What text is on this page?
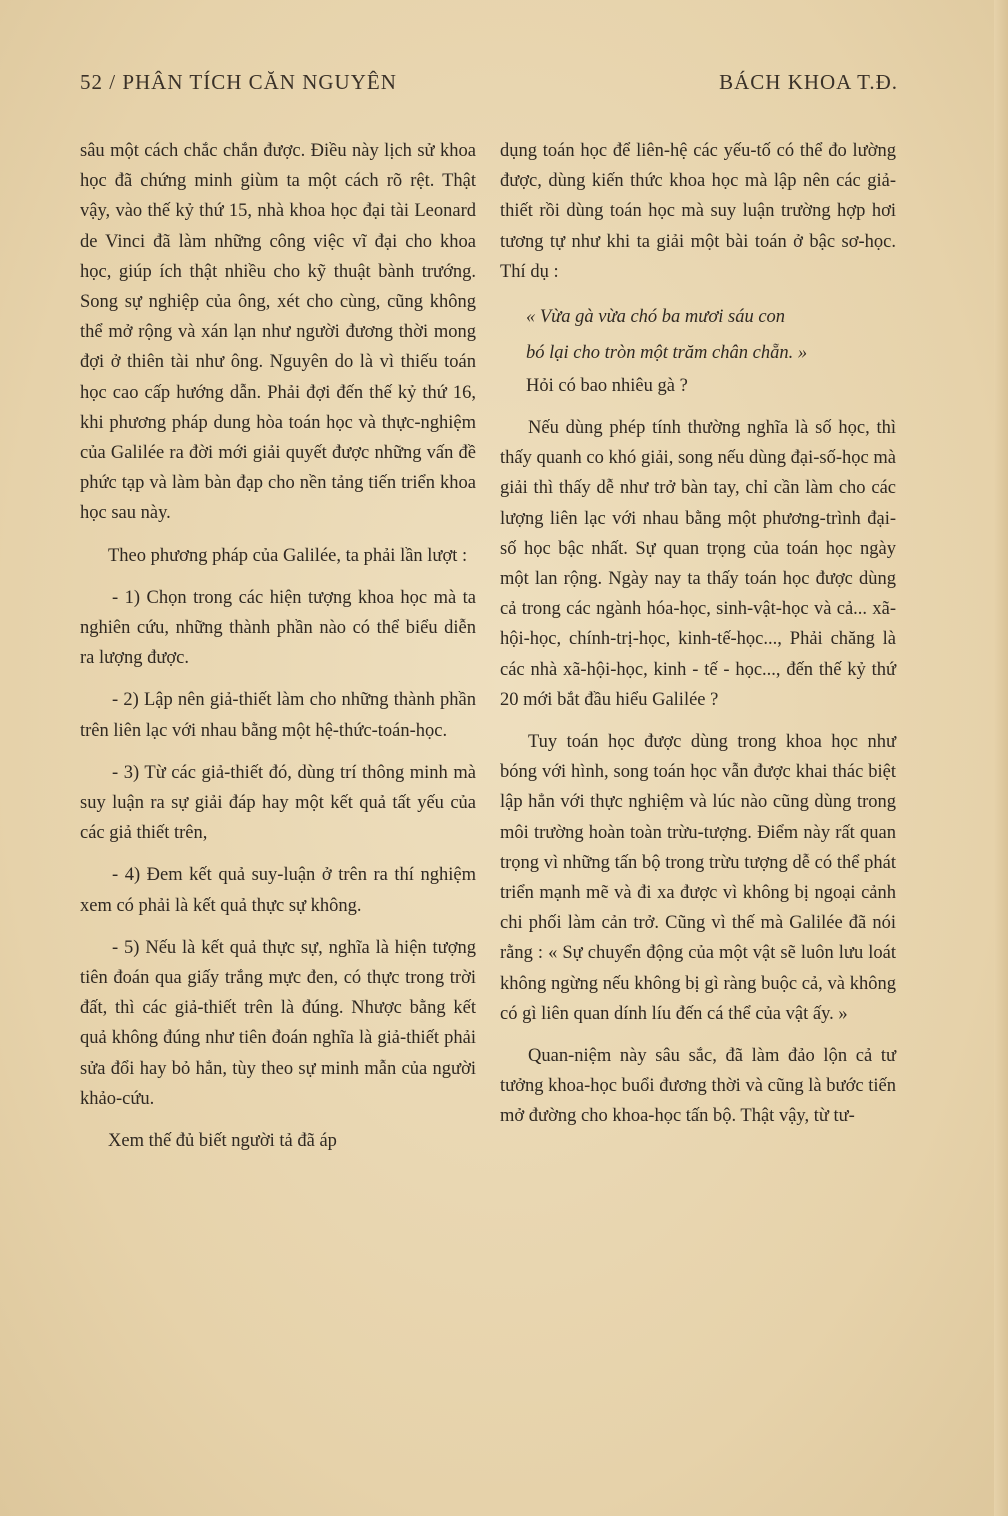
52 / PHÂN TÍCH CĂN NGUYÊN	BÁCH KHOA T.Đ.

sâu một cách chắc chắn được. Điều này lịch sử khoa học đã chứng minh giùm ta một cách rõ rệt. Thật vậy, vào thế kỷ thứ 15, nhà khoa học đại tài Leonard de Vinci đã làm những công việc vĩ đại cho khoa học, giúp ích thật nhiều cho kỹ thuật bành trướng. Song sự nghiệp của ông, xét cho cùng, cũng không thể mở rộng và xán lạn như người đương thời mong đợi ở thiên tài như ông. Nguyên do là vì thiếu toán học cao cấp hướng dẫn. Phải đợi đến thế kỷ thứ 16, khi phương pháp dung hòa toán học và thực-nghiệm của Galilée ra đời mới giải quyết được những vấn đề phức tạp và làm bàn đạp cho nền tảng tiến triển khoa học sau này.

Theo phương pháp của Galilée, ta phải lần lượt :

- 1) Chọn trong các hiện tượng khoa học mà ta nghiên cứu, những thành phần nào có thể biểu diễn ra lượng được.

- 2) Lập nên giả-thiết làm cho những thành phần trên liên lạc với nhau bằng một hệ-thức-toán-học.

- 3) Từ các giả-thiết đó, dùng trí thông minh mà suy luận ra sự giải đáp hay một kết quả tất yếu của các giả thiết trên,

- 4) Đem kết quả suy-luận ở trên ra thí nghiệm xem có phải là kết quả thực sự không.

- 5) Nếu là kết quả thực sự, nghĩa là hiện tượng tiên đoán qua giấy trắng mực đen, có thực trong trời đất, thì các giả-thiết trên là đúng. Nhược bằng kết quả không đúng như tiên đoán nghĩa là giả-thiết phải sửa đổi hay bỏ hẳn, tùy theo sự minh mẫn của người khảo-cứu.

Xem thế đủ biết người tả đã áp

dụng toán học để liên-hệ các yếu-tố có thể đo lường được, dùng kiến thức khoa học mà lập nên các giả-thiết rồi dùng toán học mà suy luận trường hợp hơi tương tự như khi ta giải một bài toán ở bậc sơ-học. Thí dụ :

« Vừa gà vừa chó ba mươi sáu con

bó lại cho tròn một trăm chân chẵn. »

Hỏi có bao nhiêu gà ?

Nếu dùng phép tính thường nghĩa là số học, thì thấy quanh co khó giải, song nếu dùng đại-số-học mà giải thì thấy dễ như trở bàn tay, chỉ cần làm cho các lượng liên lạc với nhau bằng một phương-trình đại-số học bậc nhất. Sự quan trọng của toán học ngày một lan rộng. Ngày nay ta thấy toán học được dùng cả trong các ngành hóa-học, sinh-vật-học và cả... xã-hội-học, chính-trị-học, kinh-tế-học..., Phải chăng là các nhà xã-hội-học, kinh - tế - học..., đến thế kỷ thứ 20 mới bắt đầu hiểu Galilée ?

Tuy toán học được dùng trong khoa học như bóng với hình, song toán học vẫn được khai thác biệt lập hẳn với thực nghiệm và lúc nào cũng dùng trong môi trường hoàn toàn trừu-tượng. Điểm này rất quan trọng vì những tấn bộ trong trừu tượng dễ có thể phát triển mạnh mẽ và đi xa được vì không bị ngoại cảnh chi phối làm cản trở. Cũng vì thế mà Galilée đã nói rằng : « Sự chuyển động của một vật sẽ luôn lưu loát không ngừng nếu không bị gì ràng buộc cả, và không có gì liên quan dính líu đến cá thể của vật ấy. »

Quan-niệm này sâu sắc, đã làm đảo lộn cả tư tưởng khoa-học buổi đương thời và cũng là bước tiến mở đường cho khoa-học tấn bộ. Thật vậy, từ tư-
